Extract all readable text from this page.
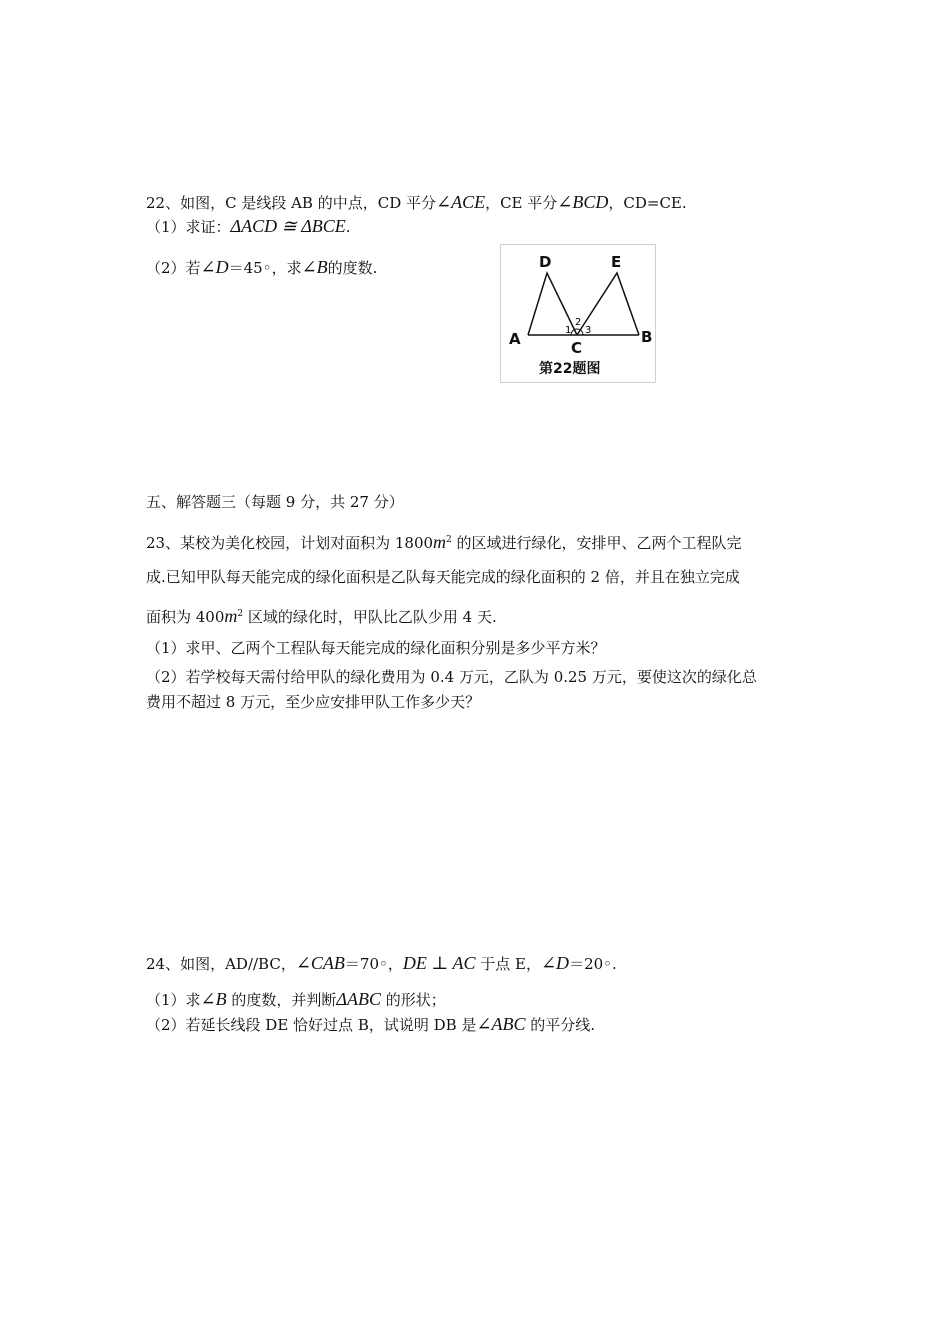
22、如图，C 是线段 AB 的中点，CD 平分∠ACE，CE 平分∠BCD，CD=CE.
（1）求证：ΔACD ≅ ΔBCE.
（2）若∠D＝45◦，求∠B的度数.	D	E
A	B
C
1
2
3
第22题图
五、解答题三（每题 9 分，共 27 分）
23、某校为美化校园，计划对面积为 $1800m^2$ 的区域进行绿化，安排甲、乙两个工程队完
成.已知甲队每天能完成的绿化面积是乙队每天能完成的绿化面积的 2 倍，并且在独立完成
面积为 $400m^2$ 区域的绿化时，甲队比乙队少用 4 天.
（1）求甲、乙两个工程队每天能完成的绿化面积分别是多少平方米？
（2）若学校每天需付给甲队的绿化费用为 0.4 万元，乙队为 0.25 万元，要使这次的绿化总
费用不超过 8 万元，至少应安排甲队工作多少天？
24、如图，AD//BC，∠CAB＝70◦，DE ⊥ AC 于点 E，∠D＝20◦.
（1）求∠B 的度数，并判断ΔABC 的形状；
（2）若延长线段 DE 恰好过点 B，试说明 DB 是∠ABC 的平分线.
